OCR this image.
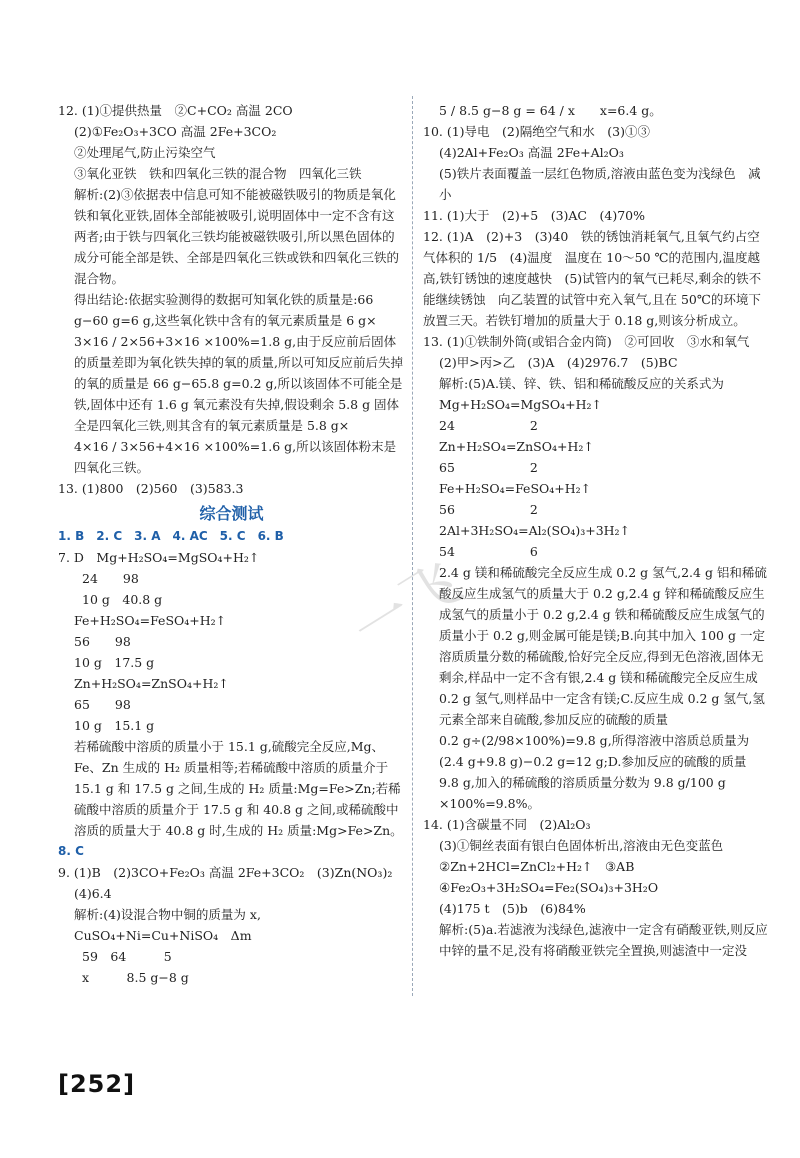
一飞
12. (1)①提供热量　②C+CO₂ 高温 2CO
(2)①Fe₂O₃+3CO 高温 2Fe+3CO₂
②处理尾气,防止污染空气
③氧化亚铁　铁和四氧化三铁的混合物　四氧化三铁
解析:(2)③依据表中信息可知不能被磁铁吸引的物质是氧化铁和氧化亚铁,固体全部能被吸引,说明固体中一定不含有这两者;由于铁与四氧化三铁均能被磁铁吸引,所以黑色固体的成分可能全部是铁、全部是四氧化三铁或铁和四氧化三铁的混合物。
得出结论:依据实验测得的数据可知氧化铁的质量是:66 g−60 g=6 g,这些氧化铁中含有的氧元素质量是 6 g×
3×16 / 2×56+3×16 ×100%=1.8 g,由于反应前后固体的质量差即为氧化铁失掉的氧的质量,所以可知反应前后失掉的氧的质量是 66 g−65.8 g=0.2 g,所以该固体不可能全是铁,固体中还有 1.6 g 氧元素没有失掉,假设剩余 5.8 g 固体全是四氧化三铁,则其含有的氧元素质量是 5.8 g×
4×16 / 3×56+4×16 ×100%=1.6 g,所以该固体粉末是四氧化三铁。
13. (1)800　(2)560　(3)583.3
综合测试
1. B　2. C　3. A　4. AC　5. C　6. B
7. D　Mg+H₂SO₄=MgSO₄+H₂↑
24　　98
10 g　40.8 g
Fe+H₂SO₄=FeSO₄+H₂↑
56　　98
10 g　17.5 g
Zn+H₂SO₄=ZnSO₄+H₂↑
65　　98
10 g　15.1 g
若稀硫酸中溶质的质量小于 15.1 g,硫酸完全反应,Mg、Fe、Zn 生成的 H₂ 质量相等;若稀硫酸中溶质的质量介于 15.1 g 和 17.5 g 之间,生成的 H₂ 质量:Mg=Fe>Zn;若稀硫酸中溶质的质量介于 17.5 g 和 40.8 g 之间,或稀硫酸中溶质的质量大于 40.8 g 时,生成的 H₂ 质量:Mg>Fe>Zn。
8. C
9. (1)B　(2)3CO+Fe₂O₃ 高温 2Fe+3CO₂　(3)Zn(NO₃)₂
(4)6.4
解析:(4)设混合物中铜的质量为 x,
CuSO₄+Ni=Cu+NiSO₄　Δm
59　64　　　5
x　　　8.5 g−8 g
5 / 8.5 g−8 g = 64 / x　　x=6.4 g。
10. (1)导电　(2)隔绝空气和水　(3)①③
(4)2Al+Fe₂O₃ 高温 2Fe+Al₂O₃
(5)铁片表面覆盖一层红色物质,溶液由蓝色变为浅绿色　减小
11. (1)大于　(2)+5　(3)AC　(4)70%
12. (1)A　(2)+3　(3)40　铁的锈蚀消耗氧气,且氧气约占空气体积的 1/5　(4)温度　温度在 10～50 ℃的范围内,温度越高,铁钉锈蚀的速度越快　(5)试管内的氧气已耗尽,剩余的铁不能继续锈蚀　向乙装置的试管中充入氧气,且在 50℃的环境下放置三天。若铁钉增加的质量大于 0.18 g,则该分析成立。
13. (1)①铁制外筒(或铝合金内筒)　②可回收　③水和氧气
(2)甲>丙>乙　(3)A　(4)2976.7　(5)BC
解析:(5)A.镁、锌、铁、铝和稀硫酸反应的关系式为
Mg+H₂SO₄=MgSO₄+H₂↑
24　　　　　　2
Zn+H₂SO₄=ZnSO₄+H₂↑
65　　　　　　2
Fe+H₂SO₄=FeSO₄+H₂↑
56　　　　　　2
2Al+3H₂SO₄=Al₂(SO₄)₃+3H₂↑
54　　　　　　6
2.4 g 镁和稀硫酸完全反应生成 0.2 g 氢气,2.4 g 铝和稀硫酸反应生成氢气的质量大于 0.2 g,2.4 g 锌和稀硫酸反应生成氢气的质量小于 0.2 g,2.4 g 铁和稀硫酸反应生成氢气的质量小于 0.2 g,则金属可能是镁;B.向其中加入 100 g 一定溶质质量分数的稀硫酸,恰好完全反应,得到无色溶液,固体无剩余,样品中一定不含有银,2.4 g 镁和稀硫酸完全反应生成 0.2 g 氢气,则样品中一定含有镁;C.反应生成 0.2 g 氢气,氢元素全部来自硫酸,参加反应的硫酸的质量
0.2 g÷(2/98×100%)=9.8 g,所得溶液中溶质总质量为
(2.4 g+9.8 g)−0.2 g=12 g;D.参加反应的硫酸的质量
9.8 g,加入的稀硫酸的溶质质量分数为 9.8 g/100 g ×100%=9.8%。
14. (1)含碳量不同　(2)Al₂O₃
(3)①铜丝表面有银白色固体析出,溶液由无色变蓝色
②Zn+2HCl=ZnCl₂+H₂↑　③AB
④Fe₂O₃+3H₂SO₄=Fe₂(SO₄)₃+3H₂O
(4)175 t　(5)b　(6)84%
解析:(5)a.若滤液为浅绿色,滤液中一定含有硝酸亚铁,则反应中锌的量不足,没有将硝酸亚铁完全置换,则滤渣中一定没
[252]
